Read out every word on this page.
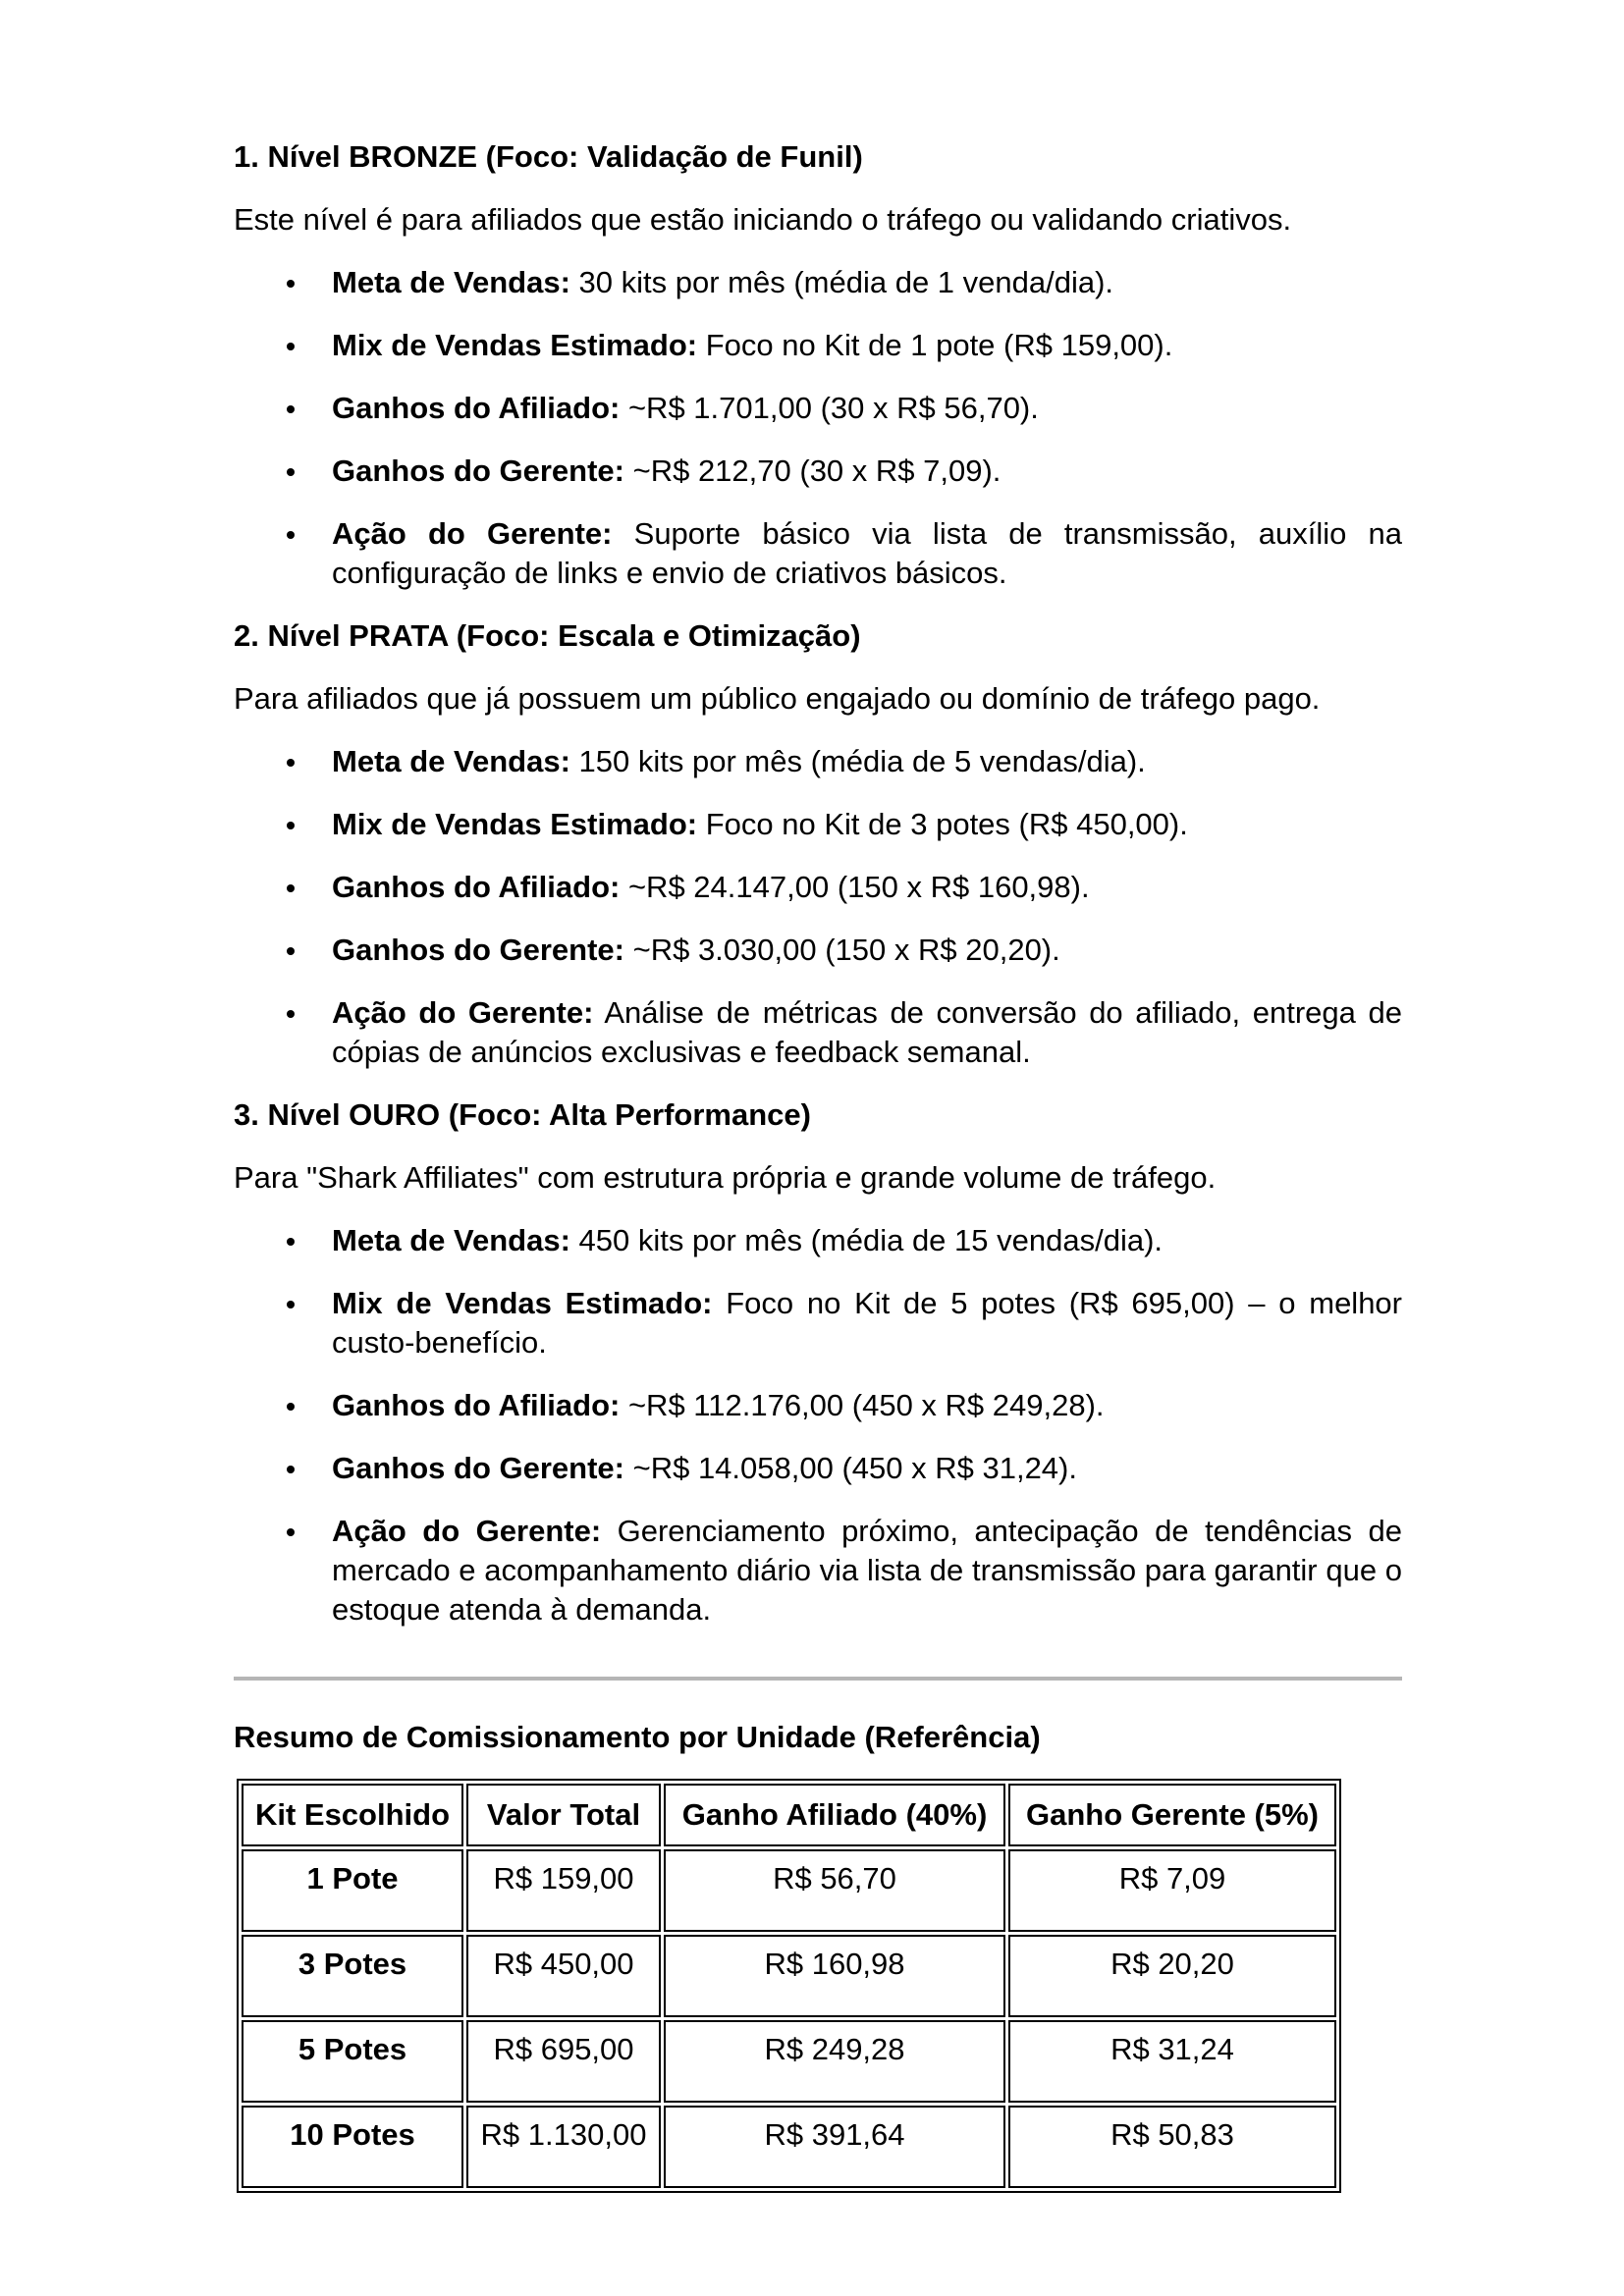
1. Nível BRONZE (Foco: Validação de Funil)

Este nível é para afiliados que estão iniciando o tráfego ou validando criativos.

Meta de Vendas: 30 kits por mês (média de 1 venda/dia).
Mix de Vendas Estimado: Foco no Kit de 1 pote (R$ 159,00).
Ganhos do Afiliado: ~R$ 1.701,00 (30 x R$ 56,70).
Ganhos do Gerente: ~R$ 212,70 (30 x R$ 7,09).
Ação do Gerente: Suporte básico via lista de transmissão, auxílio na configuração de links e envio de criativos básicos.

2. Nível PRATA (Foco: Escala e Otimização)

Para afiliados que já possuem um público engajado ou domínio de tráfego pago.

Meta de Vendas: 150 kits por mês (média de 5 vendas/dia).
Mix de Vendas Estimado: Foco no Kit de 3 potes (R$ 450,00).
Ganhos do Afiliado: ~R$ 24.147,00 (150 x R$ 160,98).
Ganhos do Gerente: ~R$ 3.030,00 (150 x R$ 20,20).
Ação do Gerente: Análise de métricas de conversão do afiliado, entrega de cópias de anúncios exclusivas e feedback semanal.

3. Nível OURO (Foco: Alta Performance)

Para "Shark Affiliates" com estrutura própria e grande volume de tráfego.

Meta de Vendas: 450 kits por mês (média de 15 vendas/dia).
Mix de Vendas Estimado: Foco no Kit de 5 potes (R$ 695,00) – o melhor custo-benefício.
Ganhos do Afiliado: ~R$ 112.176,00 (450 x R$ 249,28).
Ganhos do Gerente: ~R$ 14.058,00 (450 x R$ 31,24).
Ação do Gerente: Gerenciamento próximo, antecipação de tendências de mercado e acompanhamento diário via lista de transmissão para garantir que o estoque atenda à demanda.

Resumo de Comissionamento por Unidade (Referência)

Kit Escolhido	Valor Total	Ganho Afiliado (40%)	Ganho Gerente (5%)
1 Pote	R$ 159,00	R$ 56,70	R$ 7,09
3 Potes	R$ 450,00	R$ 160,98	R$ 20,20
5 Potes	R$ 695,00	R$ 249,28	R$ 31,24
10 Potes	R$ 1.130,00	R$ 391,64	R$ 50,83
